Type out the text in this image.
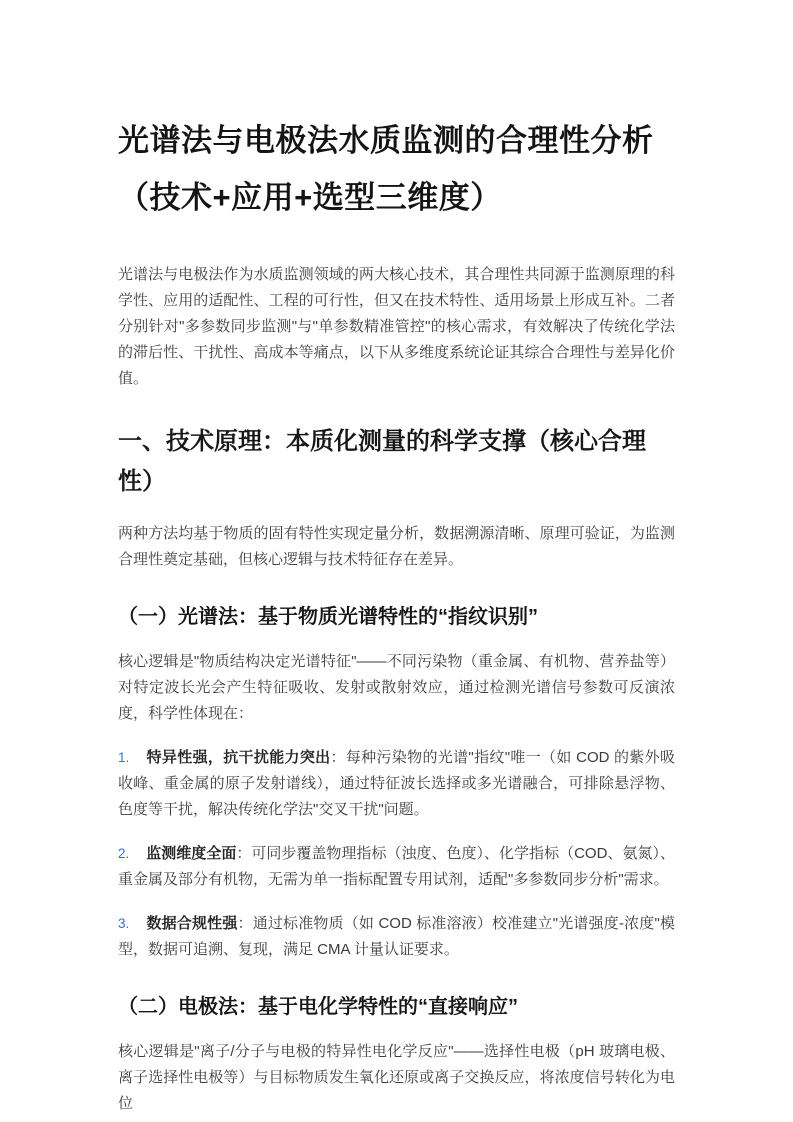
光谱法与电极法水质监测的合理性分析（技术+应用+选型三维度）

光谱法与电极法作为水质监测领域的两大核心技术，其合理性共同源于监测原理的科学性、应用的适配性、工程的可行性，但又在技术特性、适用场景上形成互补。二者分别针对"多参数同步监测"与"单参数精准管控"的核心需求，有效解决了传统化学法的滞后性、干扰性、高成本等痛点，以下从多维度系统论证其综合合理性与差异化价值。

一、技术原理：本质化测量的科学支撑（核心合理性）

两种方法均基于物质的固有特性实现定量分析，数据溯源清晰、原理可验证，为监测合理性奠定基础，但核心逻辑与技术特征存在差异。

（一）光谱法：基于物质光谱特性的“指纹识别”

核心逻辑是"物质结构决定光谱特征"——不同污染物（重金属、有机物、营养盐等）对特定波长光会产生特征吸收、发射或散射效应，通过检测光谱信号参数可反演浓度，科学性体现在：

1. 特异性强，抗干扰能力突出：每种污染物的光谱"指纹"唯一（如 COD 的紫外吸收峰、重金属的原子发射谱线），通过特征波长选择或多光谱融合，可排除悬浮物、色度等干扰，解决传统化学法"交叉干扰"问题。

2. 监测维度全面：可同步覆盖物理指标（浊度、色度）、化学指标（COD、氨氮）、重金属及部分有机物，无需为单一指标配置专用试剂，适配"多参数同步分析"需求。

3. 数据合规性强：通过标准物质（如 COD 标准溶液）校准建立"光谱强度-浓度"模型，数据可追溯、复现，满足 CMA 计量认证要求。

（二）电极法：基于电化学特性的“直接响应”

核心逻辑是"离子/分子与电极的特异性电化学反应"——选择性电极（pH 玻璃电极、离子选择性电极等）与目标物质发生氧化还原或离子交换反应，将浓度信号转化为电位
